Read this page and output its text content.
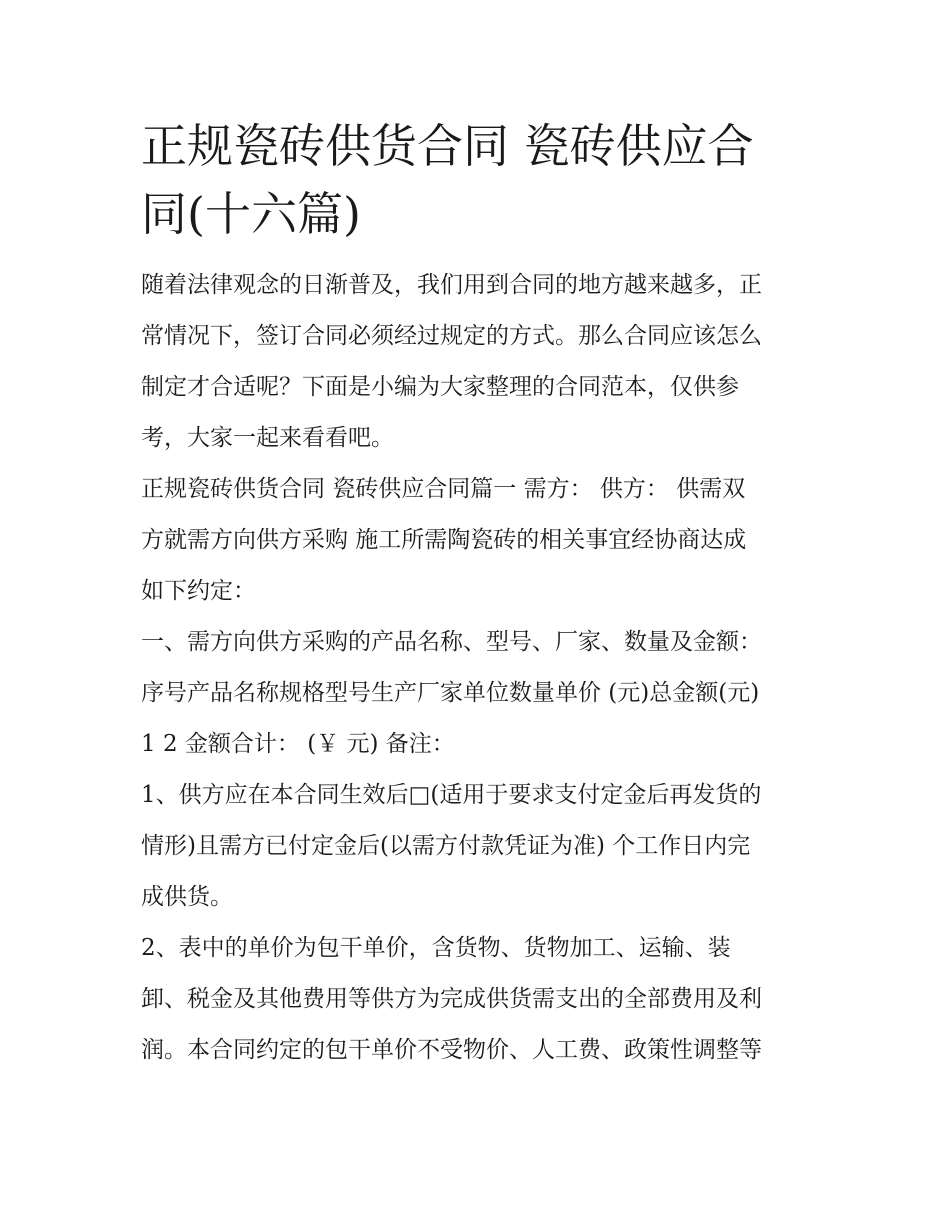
正规瓷砖供货合同 瓷砖供应合
同(十六篇)

随着法律观念的日渐普及，我们用到合同的地方越来越多，正
常情况下，签订合同必须经过规定的方式。那么合同应该怎么
制定才合适呢？下面是小编为大家整理的合同范本，仅供参
考，大家一起来看看吧。

正规瓷砖供货合同 瓷砖供应合同篇一 需方： 供方： 供需双
方就需方向供方采购 施工所需陶瓷砖的相关事宜经协商达成
如下约定：

一、需方向供方采购的产品名称、型号、厂家、数量及金额：
序号产品名称规格型号生产厂家单位数量单价 (元)总金额(元)
1 2 金额合计： (￥ 元) 备注：

1、供方应在本合同生效后□(适用于要求支付定金后再发货的
情形)且需方已付定金后(以需方付款凭证为准) 个工作日内完
成供货。

2、表中的单价为包干单价，含货物、货物加工、运输、装
卸、税金及其他费用等供方为完成供货需支出的全部费用及利
润。本合同约定的包干单价不受物价、人工费、政策性调整等
